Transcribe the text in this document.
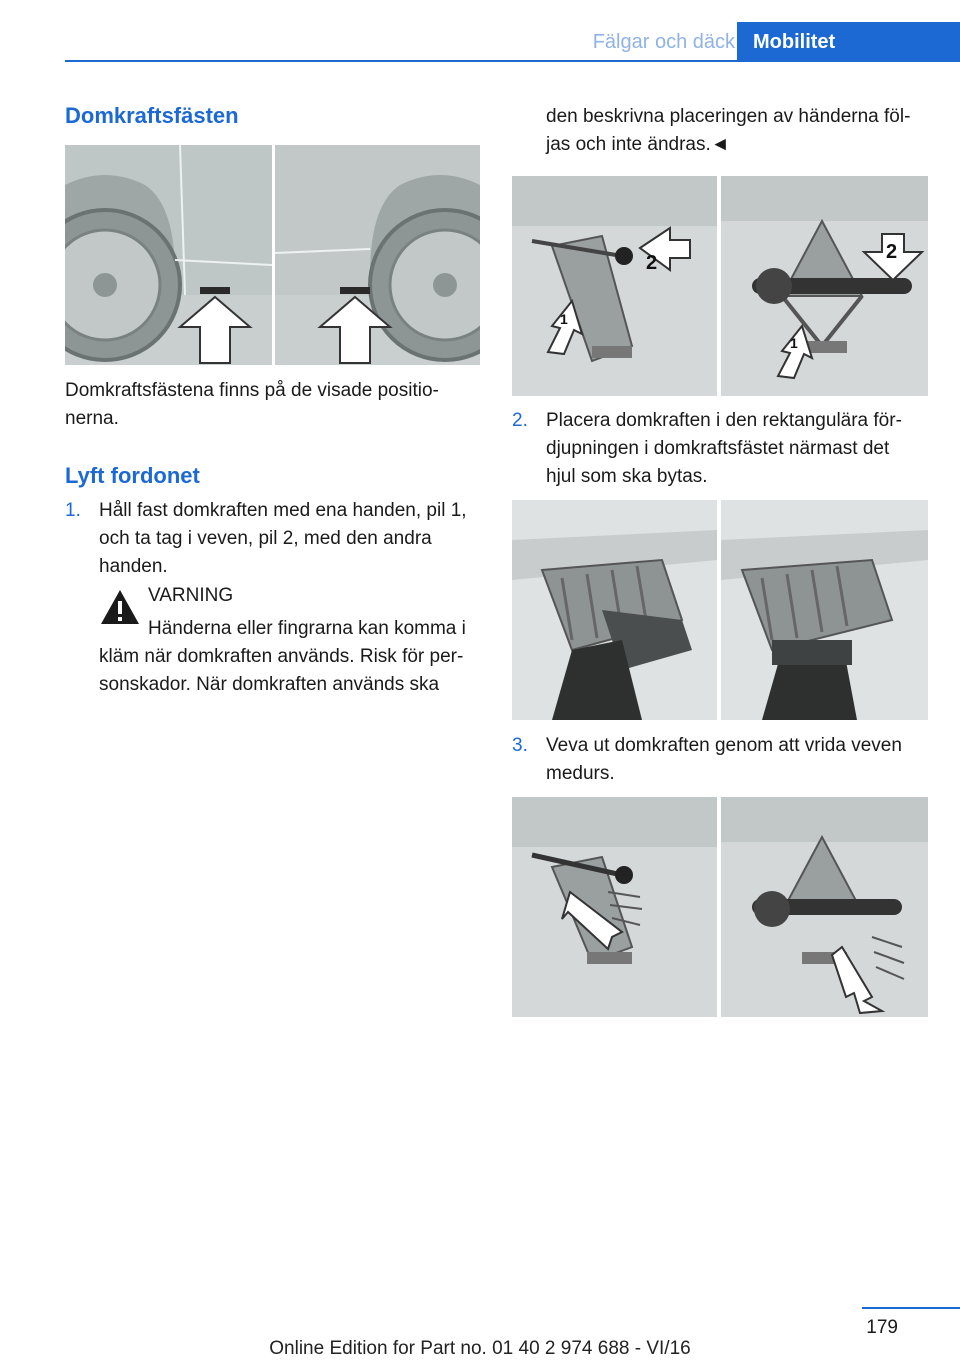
Fälgar och däck Mobilitet
Domkraftsfästen

Domkraftsfästena finns på de visade positio-

nerna.

Lyft fordonet
1. Håll fast domkraften med ena handen, pil 1,

och ta tag i veven, pil 2, med den andra

handen.

VARNING

Händerna eller fingrarna kan komma i

kläm när domkraften används. Risk för per-

sonskador. När domkraften används ska

den beskrivna placeringen av händerna föl-

jas och inte ändras.◄

2
1
2
1
2. Placera domkraften i den rektangulära för-

djupningen i domkraftsfästet närmast det

hjul som ska bytas.

3. Veva ut domkraften genom att vrida veven

medurs.

179
Online Edition for Part no. 01 40 2 974 688 - VI/16
